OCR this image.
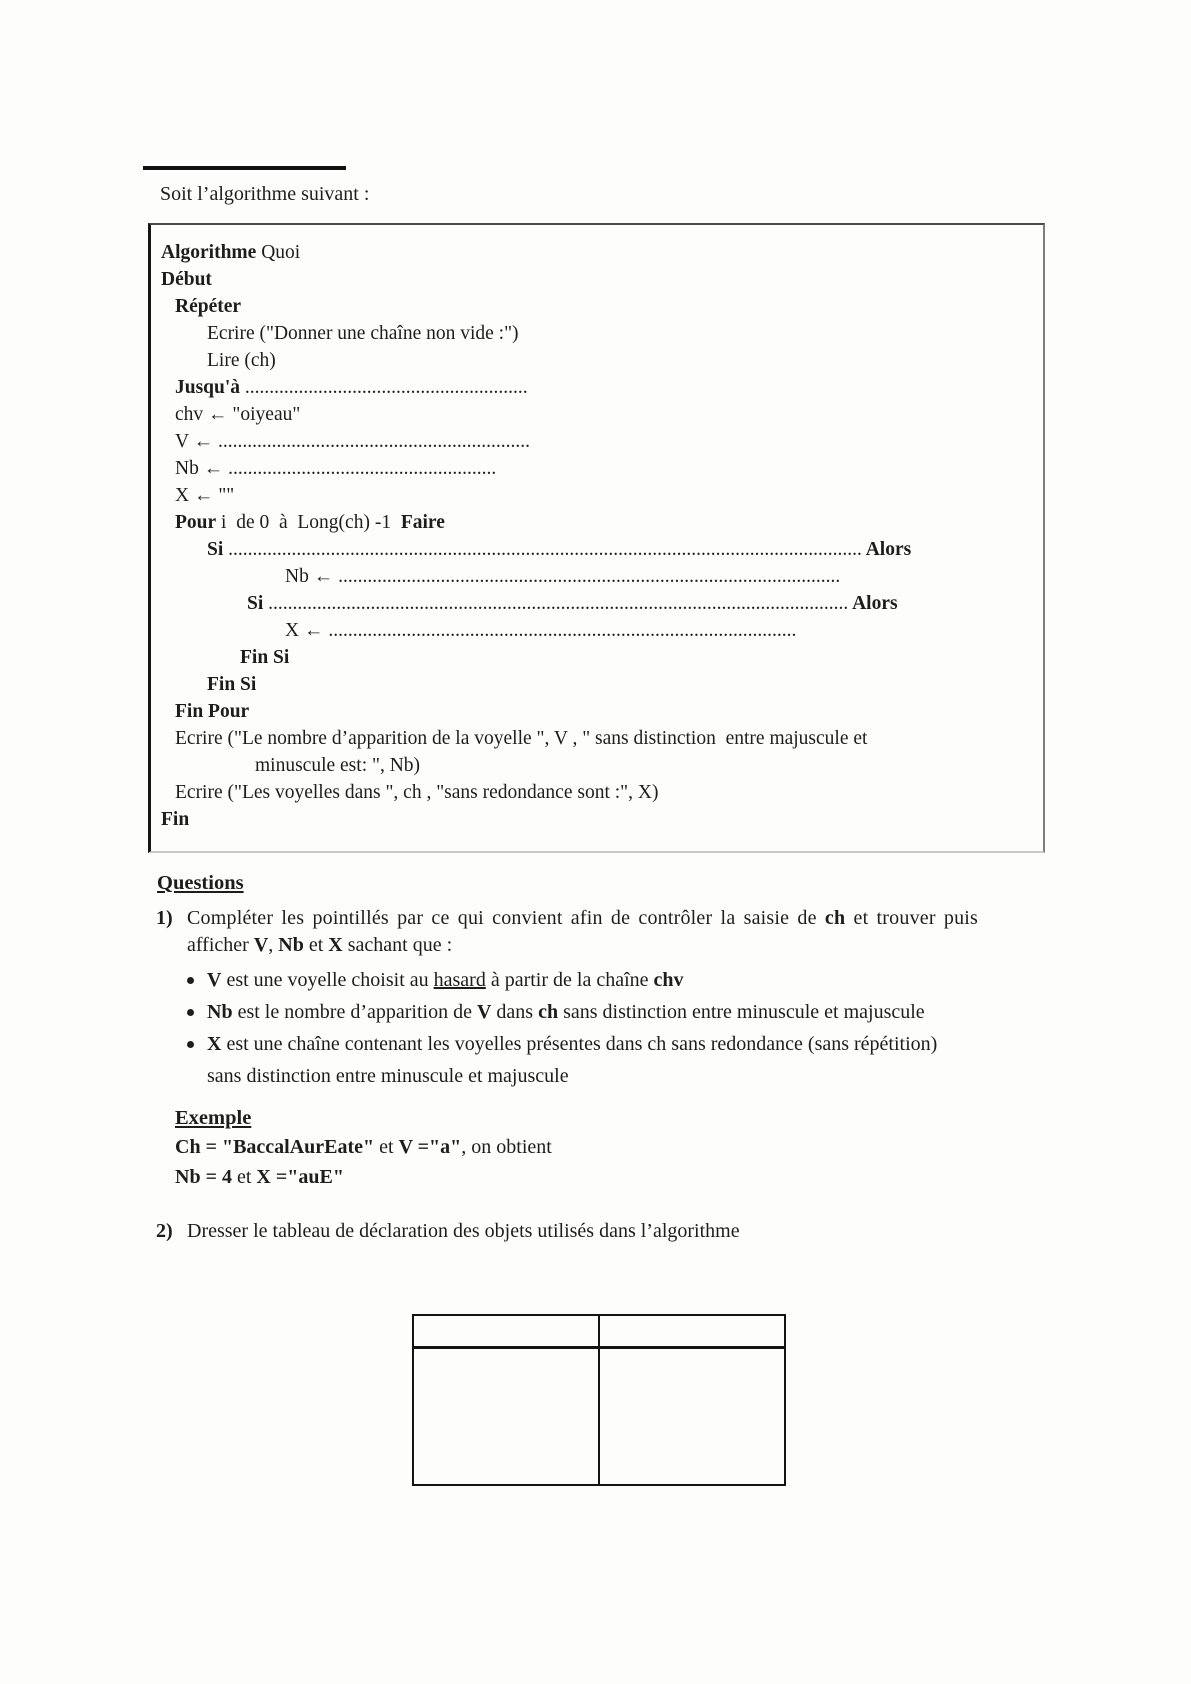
Soit l’algorithme suivant :

Algorithme Quoi
Début
Répéter
Ecrire ("Donner une chaîne non vide :")
Lire (ch)
Jusqu'à ..........................................................
chv ← "oiyeau"
V ← ................................................................
Nb ← .......................................................
X ← ""
Pour i  de 0  à  Long(ch) -1  Faire
Si .................................................................................................................................. Alors
Nb ← .......................................................................................................
Si ....................................................................................................................... Alors
X ← ................................................................................................
Fin Si
Fin Si
Fin Pour
Ecrire ("Le nombre d’apparition de la voyelle ", V , " sans distinction  entre majuscule et
minuscule est: ", Nb)
Ecrire ("Les voyelles dans ", ch , "sans redondance sont :", X)
Fin
Questions
1) Compléter les pointillés par ce qui convient afin de contrôler la saisie de ch et trouver puis
afficher V, Nb et X sachant que :
V est une voyelle choisit au hasard à partir de la chaîne chv
Nb est le nombre d’apparition de V dans ch sans distinction entre minuscule et majuscule
X est une chaîne contenant les voyelles présentes dans ch sans redondance (sans répétition)
sans distinction entre minuscule et majuscule
Exemple
Ch = "BaccalAurEate" et V ="a", on obtient
Nb = 4 et X ="auE"
2) Dresser le tableau de déclaration des objets utilisés dans l’algorithme
